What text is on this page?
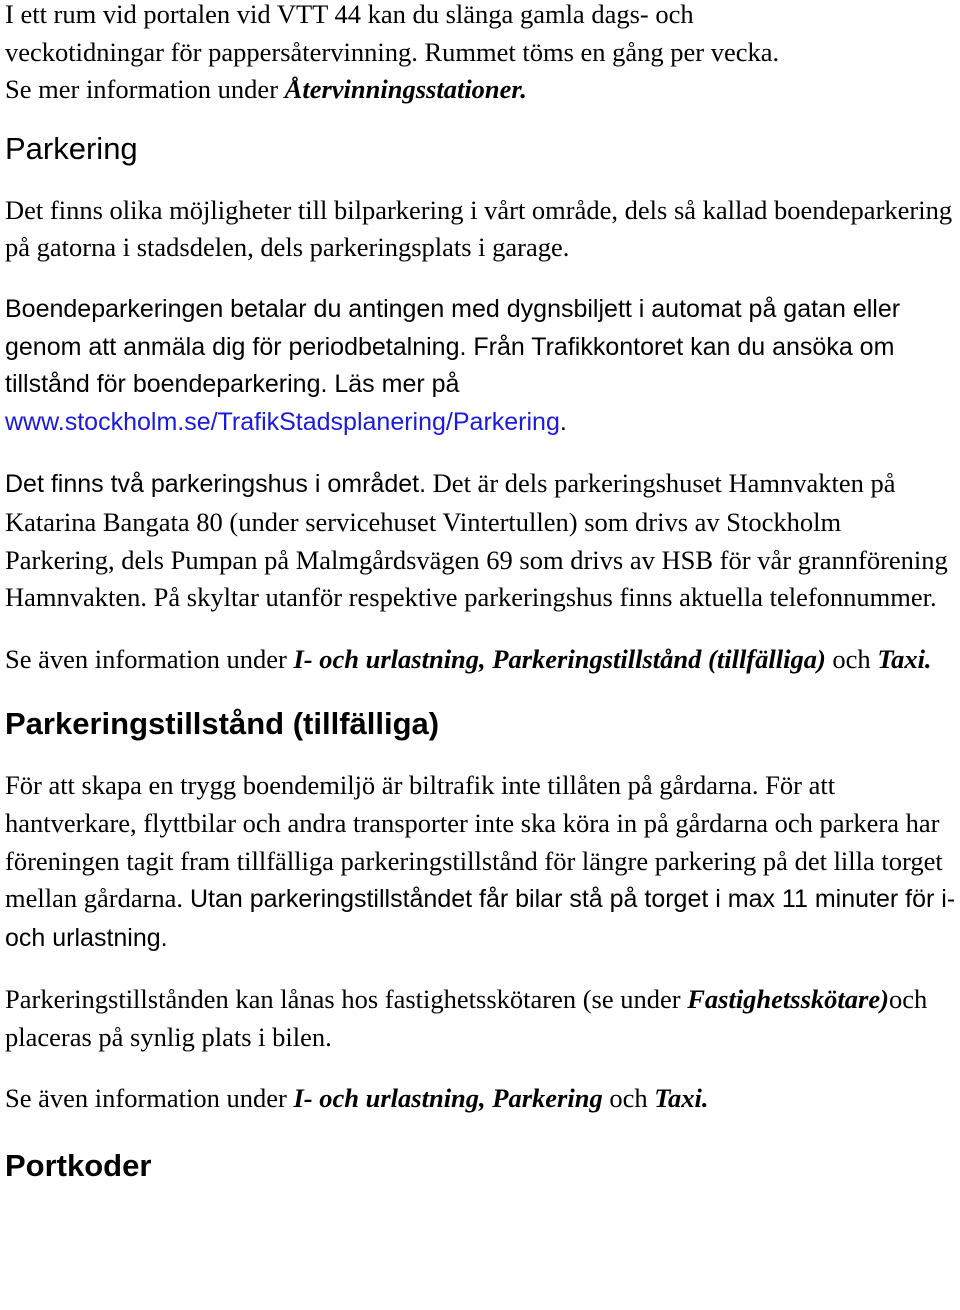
I ett rum vid portalen vid VTT 44 kan du slänga gamla dags- och
veckotidningar för pappersåtervinning. Rummet töms en gång per vecka.
Se mer information under Återvinningsstationer.

Parkering

Det finns olika möjligheter till bilparkering i vårt område, dels så kallad boendeparkering på gatorna i stadsdelen, dels parkeringsplats i garage.

Boendeparkeringen betalar du antingen med dygnsbiljett i automat på gatan eller genom att anmäla dig för periodbetalning. Från Trafikkontoret kan du ansöka om tillstånd för boendeparkering. Läs mer på www.stockholm.se/TrafikStadsplanering/Parkering.

Det finns två parkeringshus i området. Det är dels parkeringshuset Hamnvakten på Katarina Bangata 80 (under servicehuset Vintertullen) som drivs av Stockholm Parkering, dels Pumpan på Malmgårdsvägen 69 som drivs av HSB för vår grannförening Hamnvakten. På skyltar utanför respektive parkeringshus finns aktuella telefonnummer.

Se även information under I- och urlastning, Parkeringstillstånd (tillfälliga) och Taxi.

Parkeringstillstånd (tillfälliga)

För att skapa en trygg boendemiljö är biltrafik inte tillåten på gårdarna. För att hantverkare, flyttbilar och andra transporter inte ska köra in på gårdarna och parkera har föreningen tagit fram tillfälliga parkeringstillstånd för längre parkering på det lilla torget mellan gårdarna. Utan parkeringstillståndet får bilar stå på torget i max 11 minuter för i- och urlastning.

Parkeringstillstånden kan lånas hos fastighetsskötaren (se under Fastighetsskötare)och placeras på synlig plats i bilen.

Se även information under I- och urlastning, Parkering och Taxi.

Portkoder
